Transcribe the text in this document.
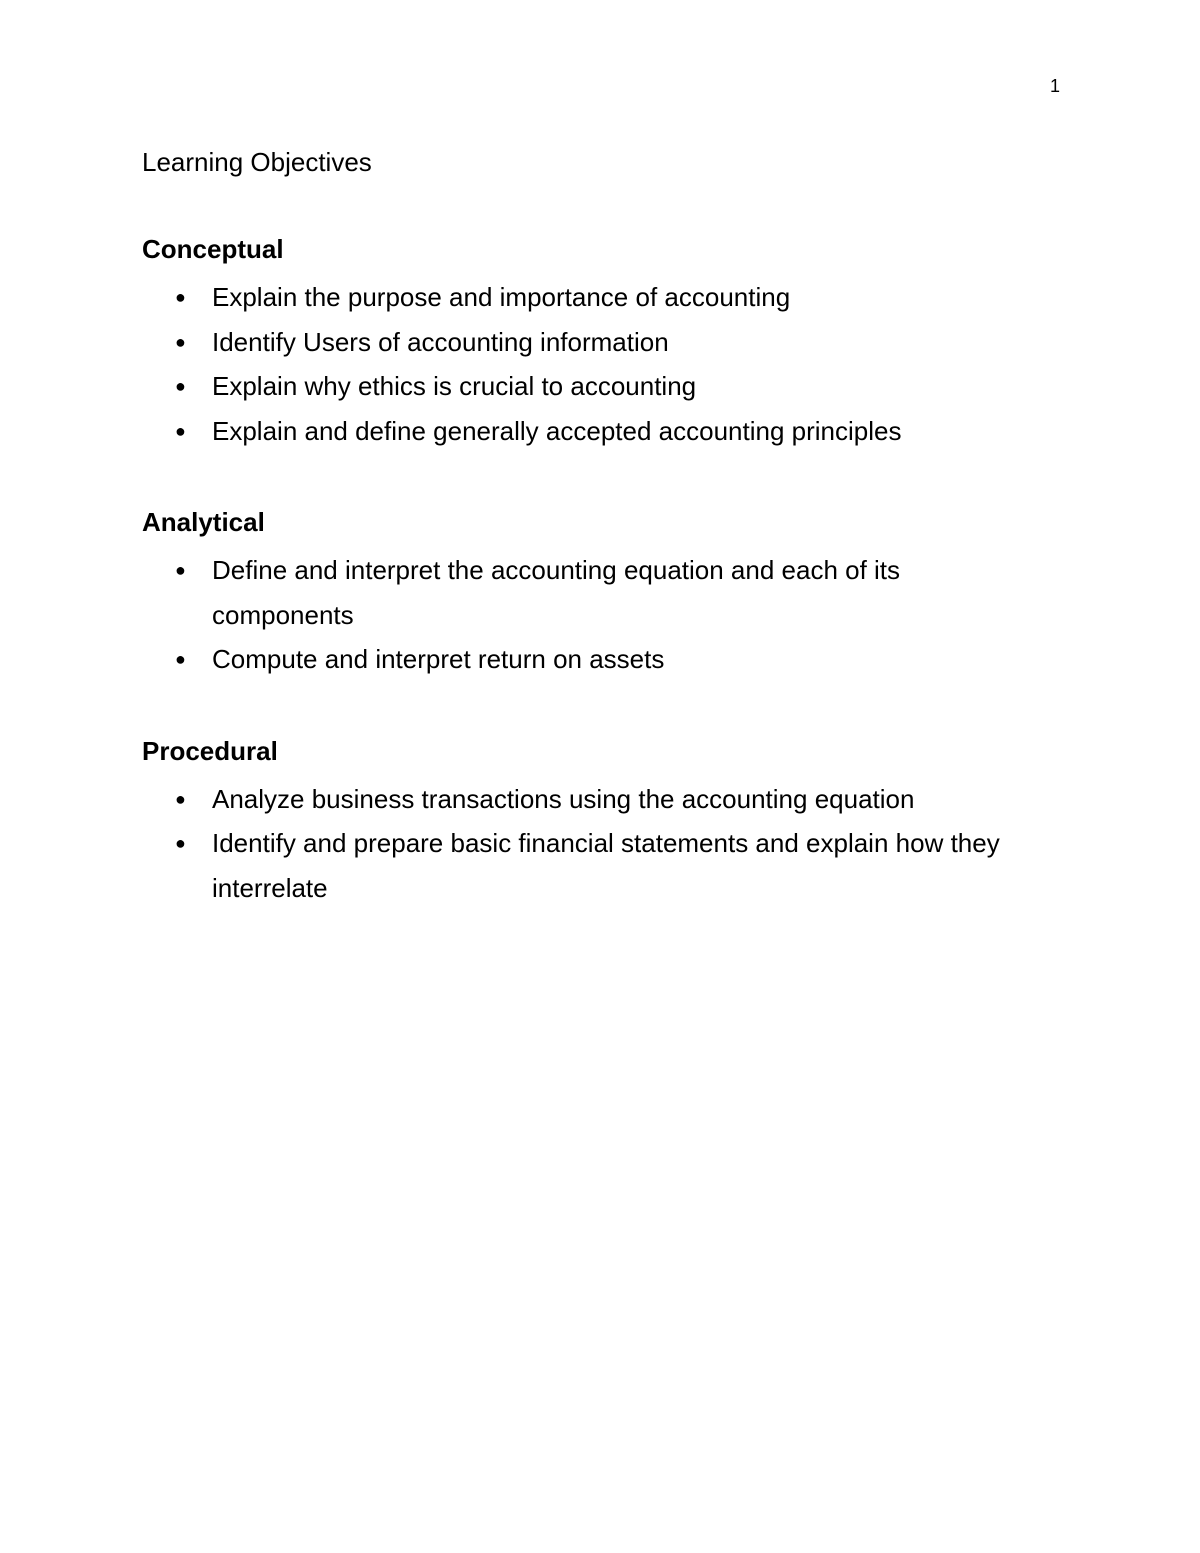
1
Learning Objectives
Conceptual
● Explain the purpose and importance of accounting
● Identify Users of accounting information
● Explain why ethics is crucial to accounting
● Explain and define generally accepted accounting principles
Analytical
● Define and interpret the accounting equation and each of its components
● Compute and interpret return on assets
Procedural
● Analyze business transactions using the accounting equation
● Identify and prepare basic financial statements and explain how they interrelate
